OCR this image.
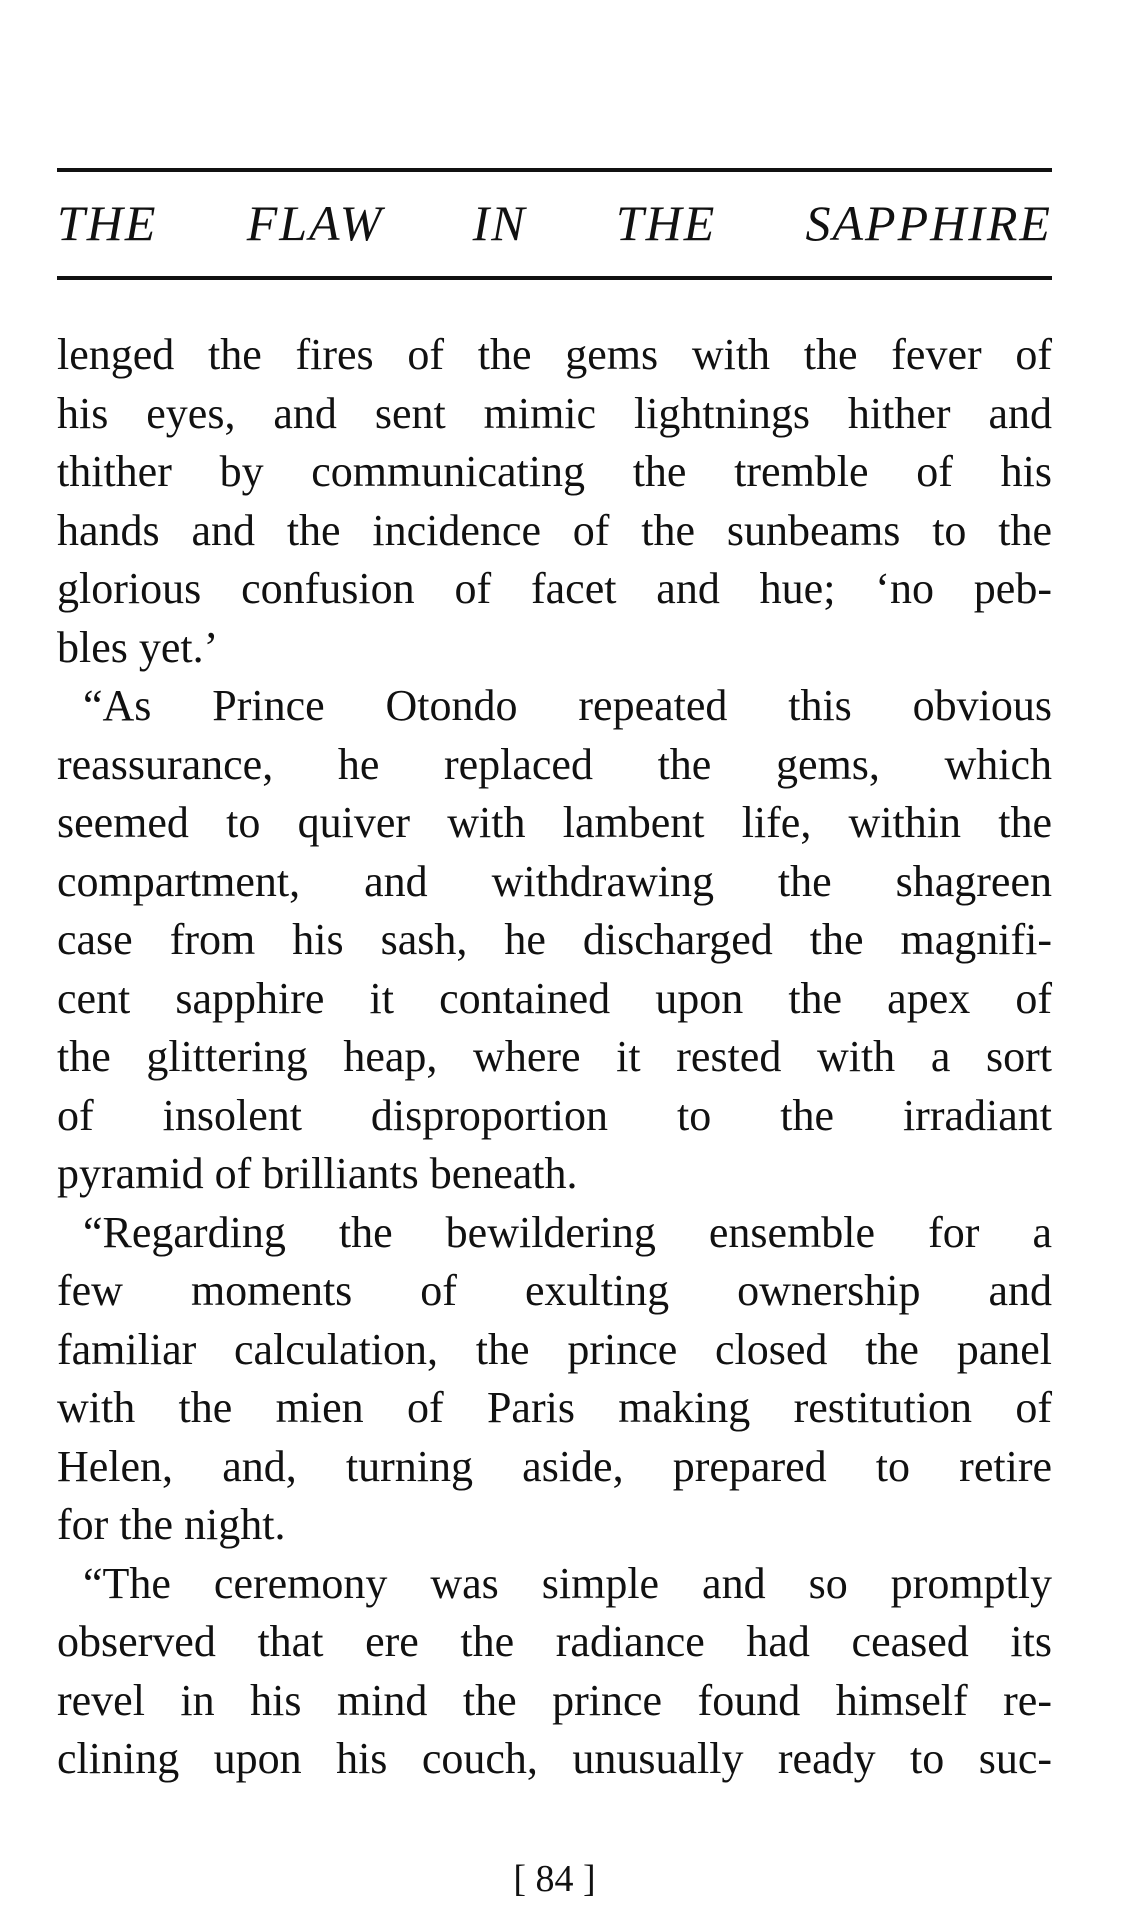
THE FLAW IN THE SAPPHIRE
lenged the fires of the gems with the fever of
his eyes, and sent mimic lightnings hither and
thither by communicating the tremble of his
hands and the incidence of the sunbeams to the
glorious confusion of facet and hue; ‘no peb-
bles yet.’
“As Prince Otondo repeated this obvious
reassurance, he replaced the gems, which
seemed to quiver with lambent life, within the
compartment, and withdrawing the shagreen
case from his sash, he discharged the magnifi-
cent sapphire it contained upon the apex of
the glittering heap, where it rested with a sort
of insolent disproportion to the irradiant
pyramid of brilliants beneath.
“Regarding the bewildering ensemble for a
few moments of exulting ownership and
familiar calculation, the prince closed the panel
with the mien of Paris making restitution of
Helen, and, turning aside, prepared to retire
for the night.
“The ceremony was simple and so promptly
observed that ere the radiance had ceased its
revel in his mind the prince found himself re-
clining upon his couch, unusually ready to suc-
[ 84 ]
